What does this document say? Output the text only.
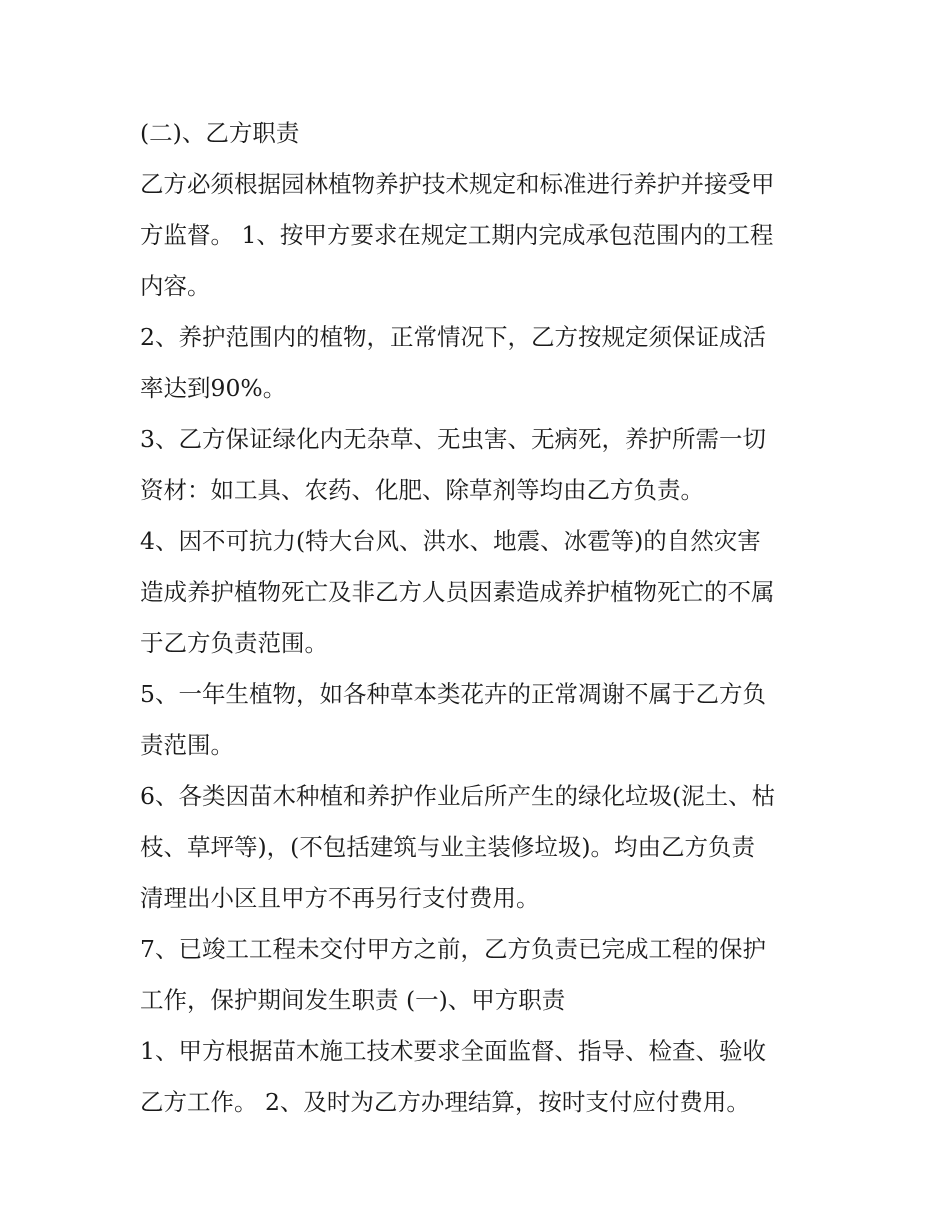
(二)、乙方职责

乙方必须根据园林植物养护技术规定和标准进行养护并接受甲

方监督。 1、按甲方要求在规定工期内完成承包范围内的工程

内容。

2、养护范围内的植物，正常情况下，乙方按规定须保证成活

率达到90%。

3、乙方保证绿化内无杂草、无虫害、无病死，养护所需一切

资材：如工具、农药、化肥、除草剂等均由乙方负责。

4、因不可抗力(特大台风、洪水、地震、冰雹等)的自然灾害

造成养护植物死亡及非乙方人员因素造成养护植物死亡的不属

于乙方负责范围。

5、一年生植物，如各种草本类花卉的正常凋谢不属于乙方负

责范围。

6、各类因苗木种植和养护作业后所产生的绿化垃圾(泥土、枯

枝、草坪等)，(不包括建筑与业主装修垃圾)。均由乙方负责

清理出小区且甲方不再另行支付费用。

7、已竣工工程未交付甲方之前，乙方负责已完成工程的保护

工作，保护期间发生职责 (一)、甲方职责

1、甲方根据苗木施工技术要求全面监督、指导、检查、验收

乙方工作。 2、及时为乙方办理结算，按时支付应付费用。
